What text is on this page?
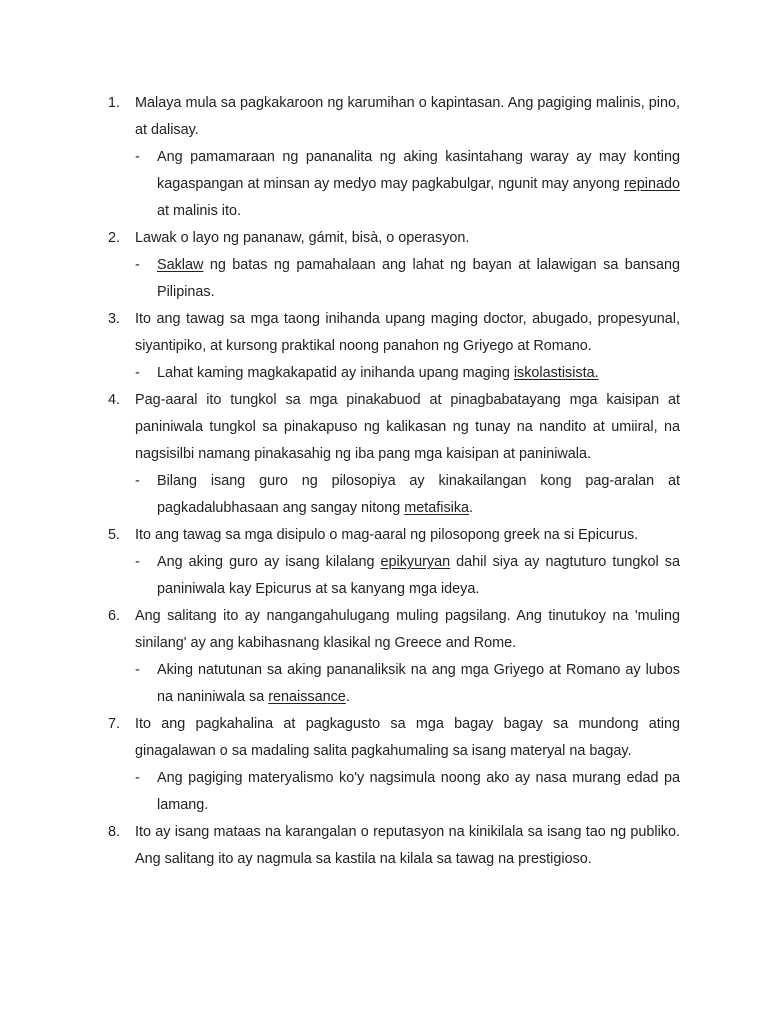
1. Malaya mula sa pagkakaroon ng karumihan o kapintasan. Ang pagiging malinis, pino, at dalisay.

- Ang pamamaraan ng pananalita ng aking kasintahang waray ay may konting kagaspangan at minsan ay medyo may pagkabulgar, ngunit may anyong repinado at malinis ito.

2. Lawak o layo ng pananaw, gámit, bisà, o operasyon.

- Saklaw ng batas ng pamahalaan ang lahat ng bayan at lalawigan sa bansang Pilipinas.

3. Ito ang tawag sa mga taong inihanda upang maging doctor, abugado, propesyunal, siyantipiko, at kursong praktikal noong panahon ng Griyego at Romano.

- Lahat kaming magkakapatid ay inihanda upang maging iskolastisista.

4. Pag-aaral ito tungkol sa mga pinakabuod at pinagbabatayang mga kaisipan at paniniwala tungkol sa pinakapuso ng kalikasan ng tunay na nandito at umiiral, na nagsisilbi namang pinakasahig ng iba pang mga kaisipan at paniniwala.

- Bilang isang guro ng pilosopiya ay kinakailangan kong pag-aralan at pagkadalubhasaan ang sangay nitong metafisika.

5. Ito ang tawag sa mga disipulo o mag-aaral ng pilosopong greek na si Epicurus.

- Ang aking guro ay isang kilalang epikyuryan dahil siya ay nagtuturo tungkol sa paniniwala kay Epicurus at sa kanyang mga ideya.

6. Ang salitang ito ay nangangahulugang muling pagsilang. Ang tinutukoy na 'muling sinilang' ay ang kabihasnang klasikal ng Greece and Rome.

- Aking natutunan sa aking pananaliksik na ang mga Griyego at Romano ay lubos na naniniwala sa renaissance.

7. Ito ang pagkahalina at pagkagusto sa mga bagay bagay sa mundong ating ginagalawan o sa madaling salita pagkahumaling sa isang materyal na bagay.

- Ang pagiging materyalismo ko'y nagsimula noong ako ay nasa murang edad pa lamang.

8. Ito ay isang mataas na karangalan o reputasyon na kinikilala sa isang tao ng publiko. Ang salitang ito ay nagmula sa kastila na kilala sa tawag na prestigioso.
